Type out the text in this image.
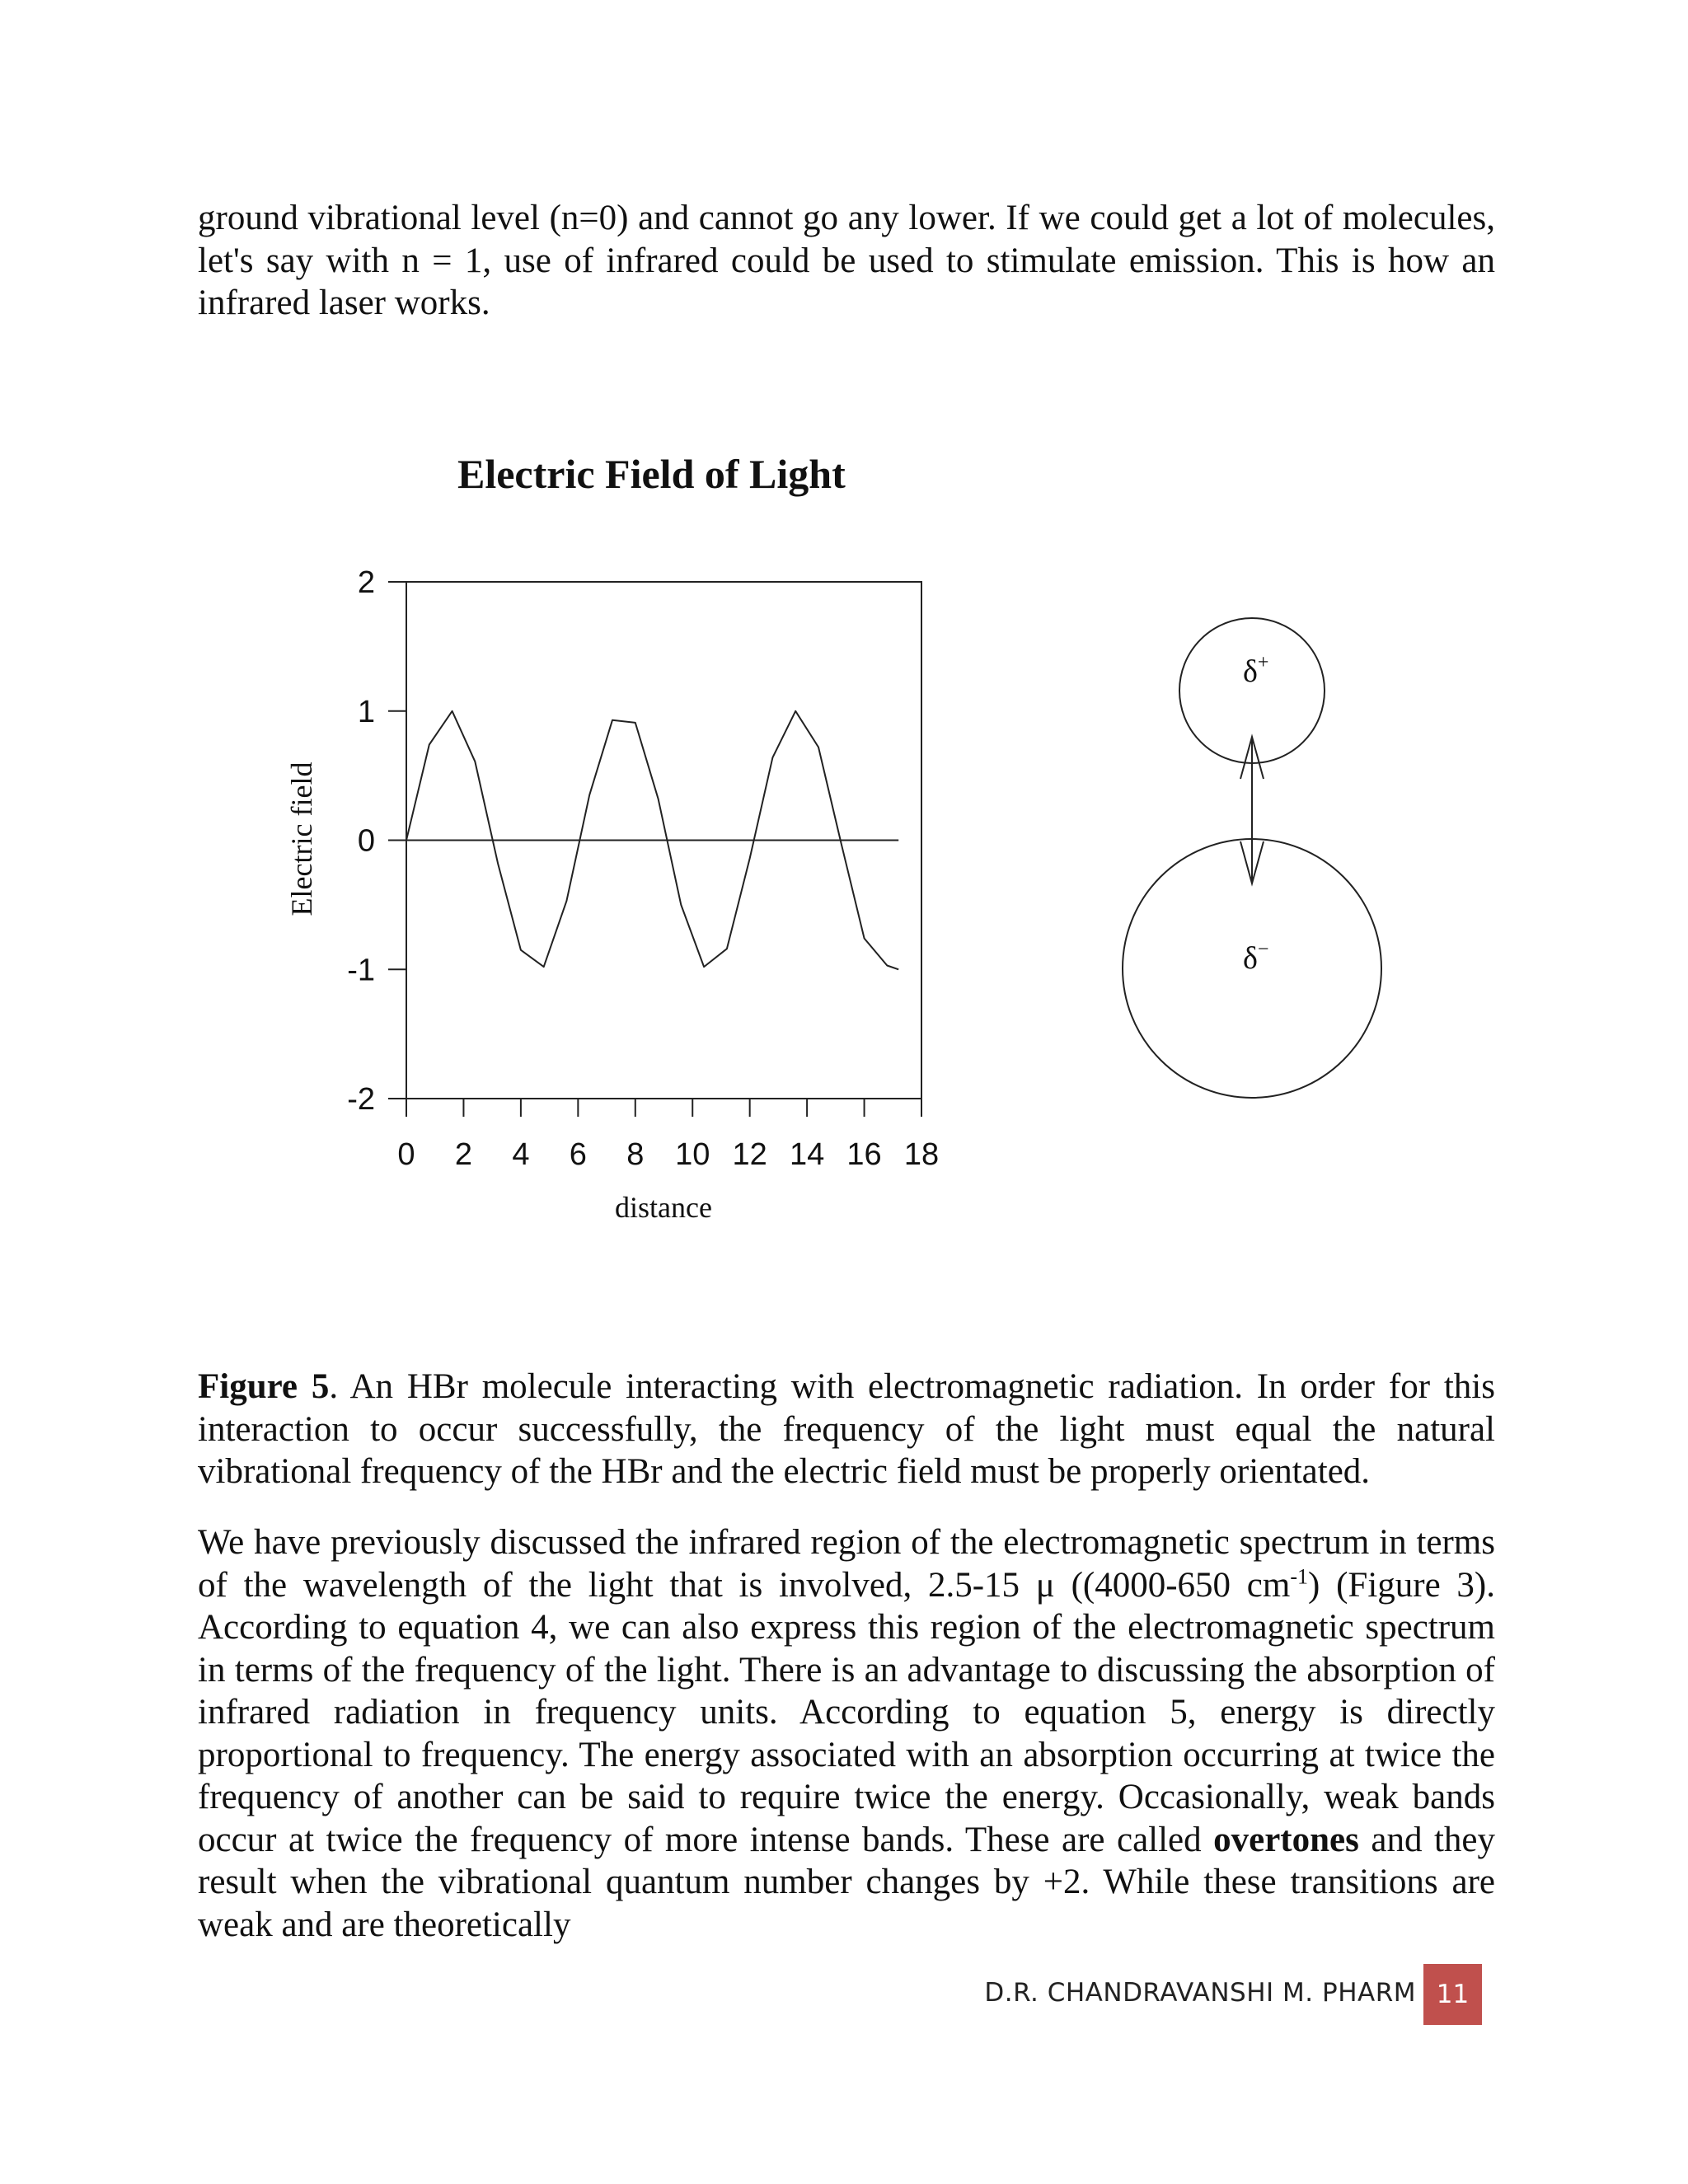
ground vibrational level (n=0) and cannot go any lower. If we could get a lot of molecules, let's say with n = 1, use of infrared could be used to stimulate emission. This is how an infrared laser works.

Electric Field of Light
2
1
0
-1
-2
0 2 4 6 8 10 12 14 16 18
distance
Electric field
δ+
δ−

Figure 5. An HBr molecule interacting with electromagnetic radiation. In order for this interaction to occur successfully, the frequency of the light must equal the natural vibrational frequency of the HBr and the electric field must be properly orientated.

We have previously discussed the infrared region of the electromagnetic spectrum in terms of the wavelength of the light that is involved, 2.5-15 μ ((4000-650 $cm^{-1}$) (Figure 3). According to equation 4, we can also express this region of the electromagnetic spectrum in terms of the frequency of the light. There is an advantage to discussing the absorption of infrared radiation in frequency units. According to equation 5, energy is directly proportional to frequency. The energy associated with an absorption occurring at twice the frequency of another can be said to require twice the energy. Occasionally, weak bands occur at twice the frequency of more intense bands. These are called overtones and they result when the vibrational quantum number changes by +2. While these transitions are weak and are theoretically

D.R. CHANDRAVANSHI M. PHARM 11
